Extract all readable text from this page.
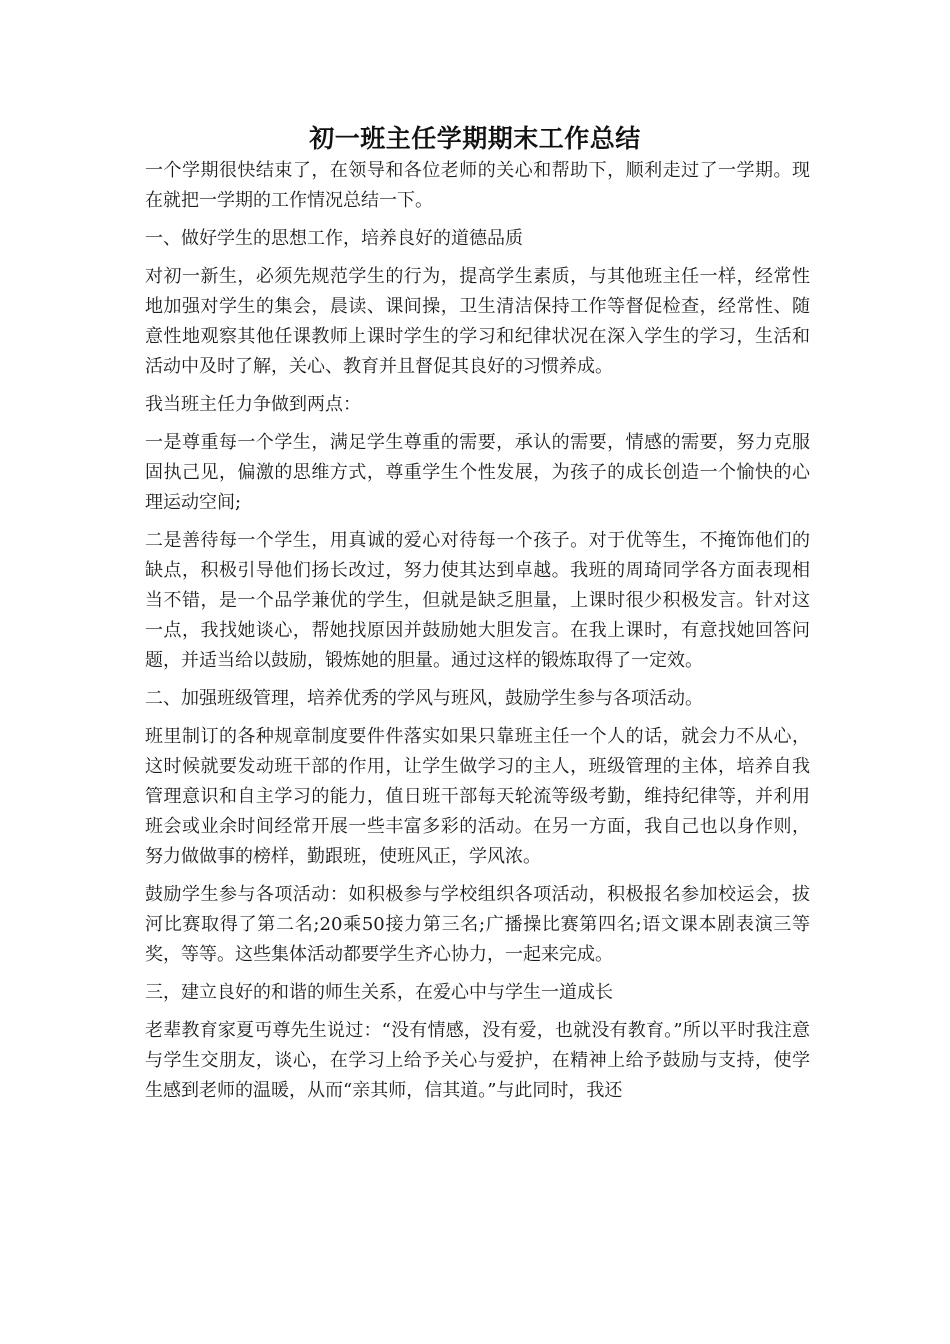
初一班主任学期期末工作总结

一个学期很快结束了，在领导和各位老师的关心和帮助下，顺利走过了一学期。现在就把一学期的工作情况总结一下。

一、做好学生的思想工作，培养良好的道德品质

对初一新生，必须先规范学生的行为，提高学生素质，与其他班主任一样，经常性地加强对学生的集会，晨读、课间操，卫生清洁保持工作等督促检查，经常性、随意性地观察其他任课教师上课时学生的学习和纪律状况在深入学生的学习，生活和活动中及时了解，关心、教育并且督促其良好的习惯养成。

我当班主任力争做到两点：

一是尊重每一个学生，满足学生尊重的需要，承认的需要，情感的需要，努力克服固执己见，偏激的思维方式，尊重学生个性发展，为孩子的成长创造一个愉快的心理运动空间;

二是善待每一个学生，用真诚的爱心对待每一个孩子。对于优等生，不掩饰他们的缺点，积极引导他们扬长改过，努力使其达到卓越。我班的周琦同学各方面表现相当不错，是一个品学兼优的学生，但就是缺乏胆量，上课时很少积极发言。针对这一点，我找她谈心，帮她找原因并鼓励她大胆发言。在我上课时，有意找她回答问题，并适当给以鼓励，锻炼她的胆量。通过这样的锻炼取得了一定效。

二、加强班级管理，培养优秀的学风与班风，鼓励学生参与各项活动。

班里制订的各种规章制度要件件落实如果只靠班主任一个人的话，就会力不从心，这时候就要发动班干部的作用，让学生做学习的主人，班级管理的主体，培养自我管理意识和自主学习的能力，值日班干部每天轮流等级考勤，维持纪律等，并利用班会或业余时间经常开展一些丰富多彩的活动。在另一方面，我自己也以身作则，努力做做事的榜样，勤跟班，使班风正，学风浓。

鼓励学生参与各项活动：如积极参与学校组织各项活动，积极报名参加校运会，拔河比赛取得了第二名;20乘50接力第三名;广播操比赛第四名;语文课本剧表演三等奖，等等。这些集体活动都要学生齐心协力，一起来完成。

三，建立良好的和谐的师生关系，在爱心中与学生一道成长

老辈教育家夏丏尊先生说过：“没有情感，没有爱，也就没有教育。”所以平时我注意与学生交朋友，谈心，在学习上给予关心与爱护，在精神上给予鼓励与支持，使学生感到老师的温暖，从而“亲其师，信其道。”与此同时，我还
